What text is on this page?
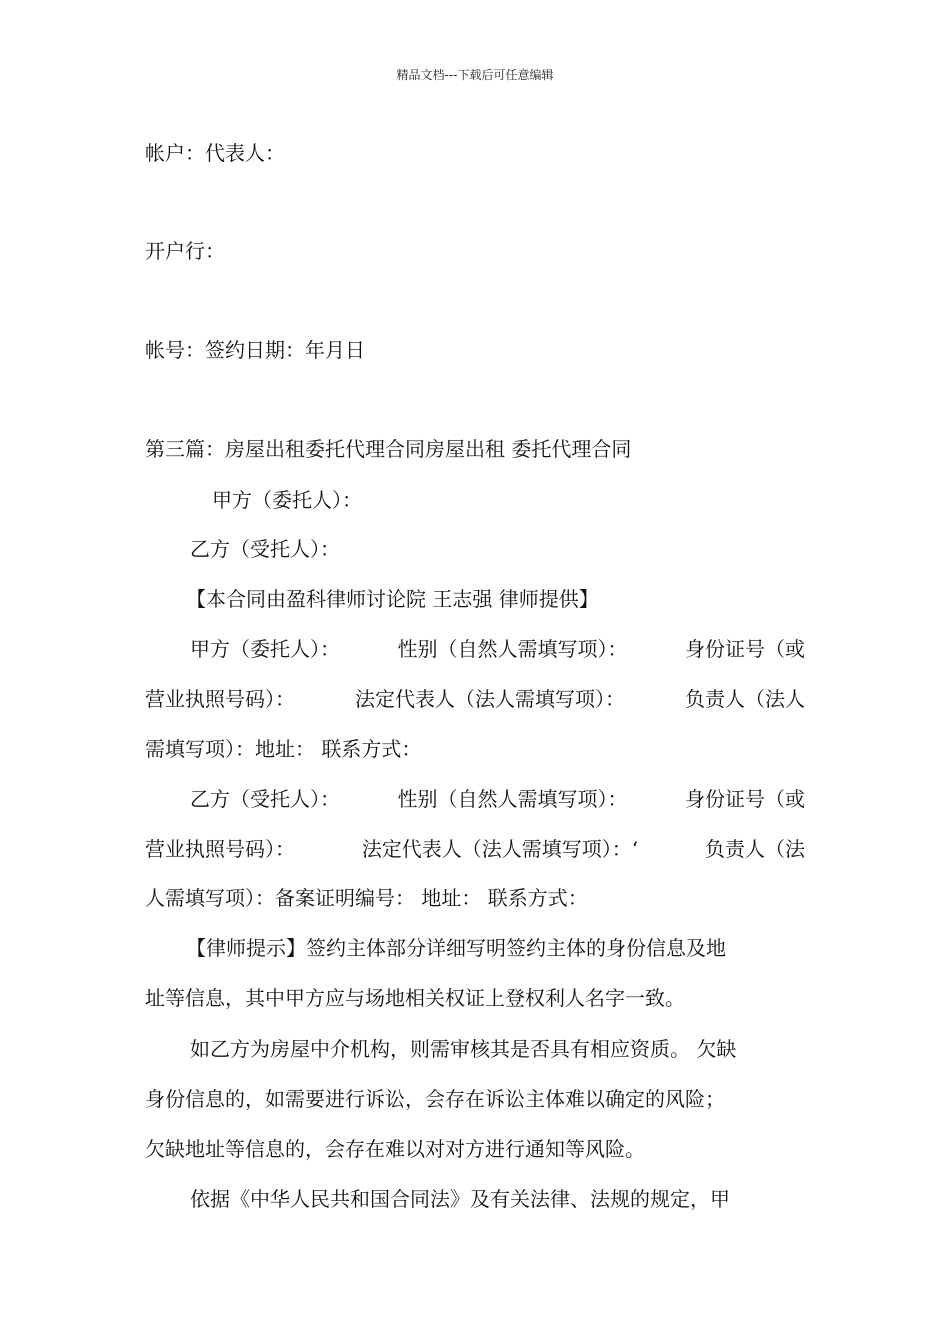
精品文档---下载后可任意编辑
帐户：代表人：
开户行：
帐号：签约日期：年月日
第三篇：房屋出租委托代理合同房屋出租 委托代理合同
甲方（委托人）：
乙方（受托人）：
【本合同由盈科律师讨论院 王志强 律师提供】
甲方（委托人）：	性别（自然人需填写项）：	身份证号（或
营业执照号码）：	法定代表人（法人需填写项）：	负责人（法人
需填写项）：地址： 联系方式：
乙方（受托人）：	性别（自然人需填写项）：	身份证号（或
营业执照号码）：	法定代表人（法人需填写项）：‘	负责人（法
人需填写项）：备案证明编号： 地址： 联系方式：
【律师提示】签约主体部分详细写明签约主体的身份信息及地
址等信息，其中甲方应与场地相关权证上登权利人名字一致。
如乙方为房屋中介机构，则需审核其是否具有相应资质。 欠缺
身份信息的，如需要进行诉讼，会存在诉讼主体难以确定的风险；
欠缺地址等信息的，会存在难以对对方进行通知等风险。
依据《中华人民共和国合同法》及有关法律、法规的规定，甲
